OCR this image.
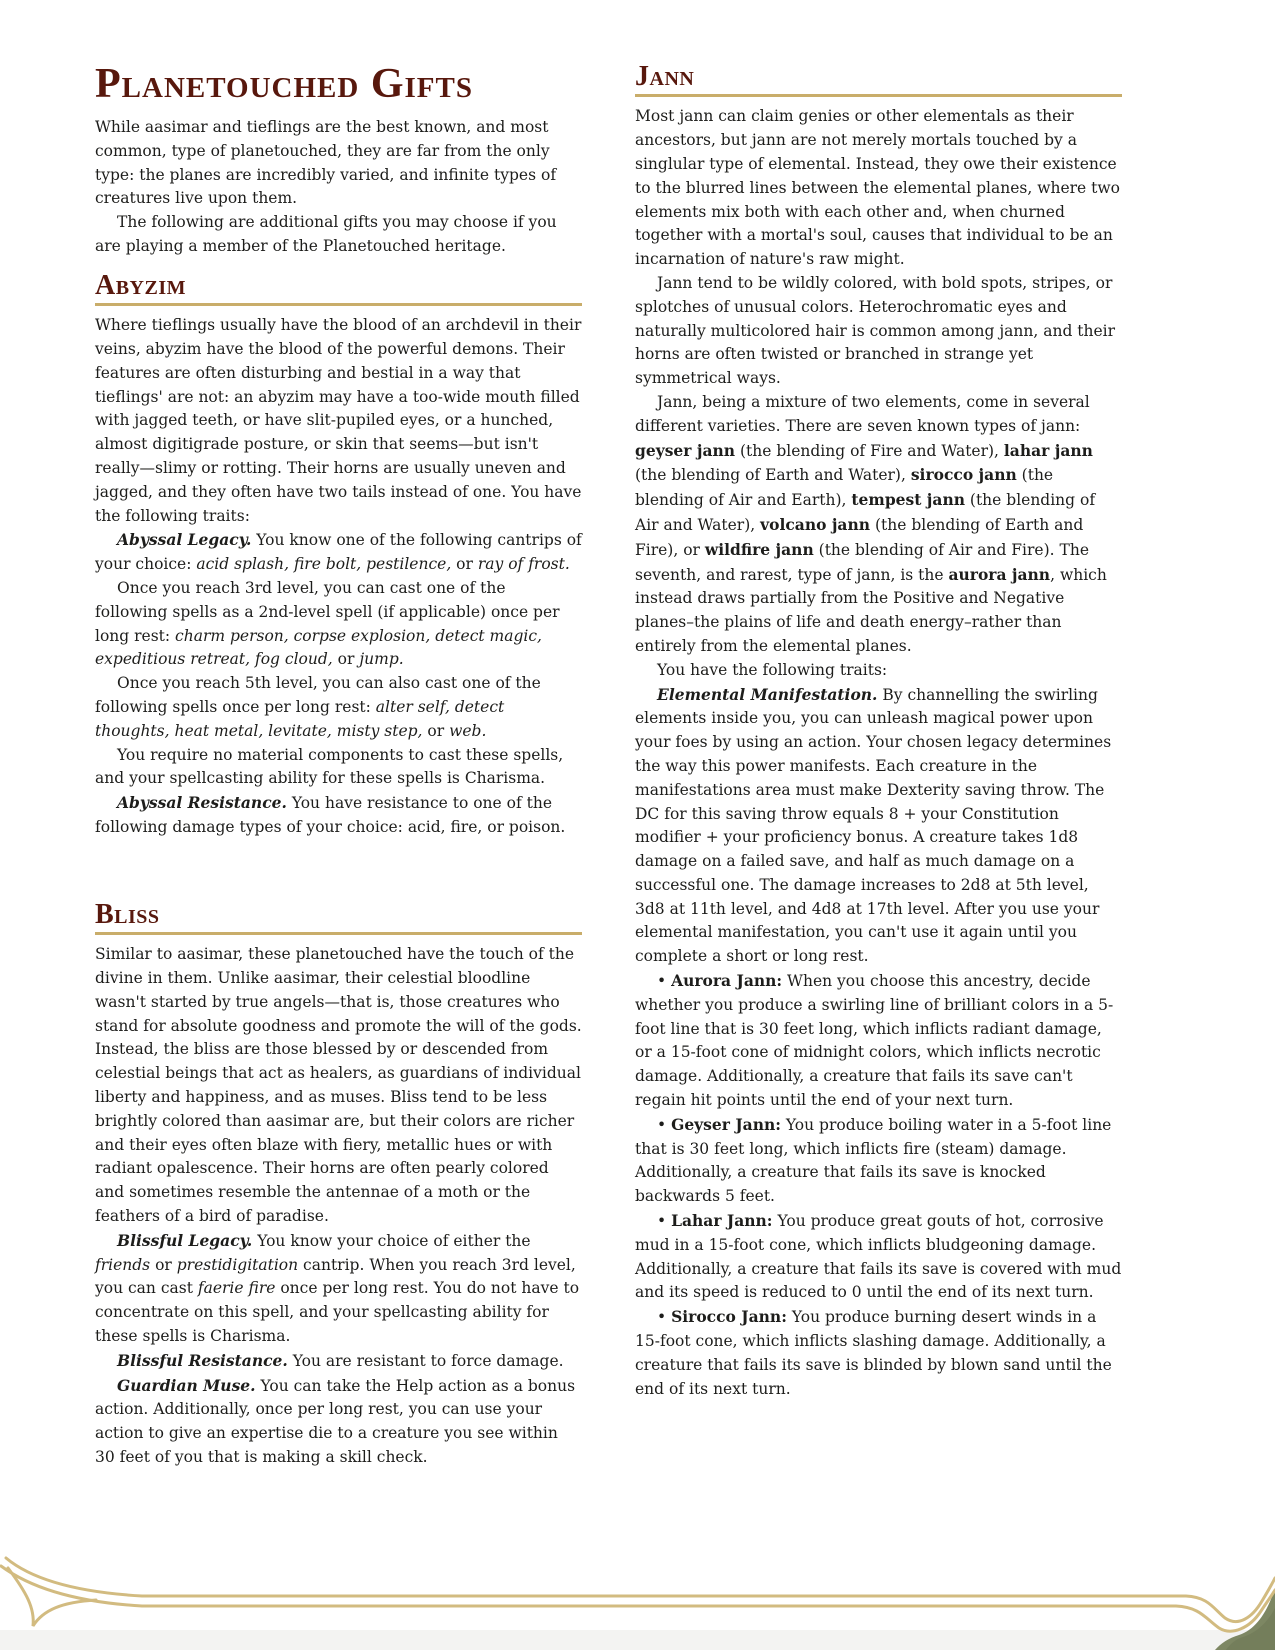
Planetouched Gifts

While aasimar and tieflings are the best known, and most common, type of planetouched, they are far from the only type: the planes are incredibly varied, and infinite types of creatures live upon them.

The following are additional gifts you may choose if you are playing a member of the Planetouched heritage.

Abyzim

Where tieflings usually have the blood of an archdevil in their veins, abyzim have the blood of the powerful demons. Their features are often disturbing and bestial in a way that tieflings' are not: an abyzim may have a too-wide mouth filled with jagged teeth, or have slit-pupiled eyes, or a hunched, almost digitigrade posture, or skin that seems—but isn't really—slimy or rotting. Their horns are usually uneven and jagged, and they often have two tails instead of one. You have the following traits:

Abyssal Legacy. You know one of the following cantrips of your choice: acid splash, fire bolt, pestilence, or ray of frost.

Once you reach 3rd level, you can cast one of the following spells as a 2nd-level spell (if applicable) once per long rest: charm person, corpse explosion, detect magic, expeditious retreat, fog cloud, or jump.

Once you reach 5th level, you can also cast one of the following spells once per long rest: alter self, detect thoughts, heat metal, levitate, misty step, or web.

You require no material components to cast these spells, and your spellcasting ability for these spells is Charisma.

Abyssal Resistance. You have resistance to one of the following damage types of your choice: acid, fire, or poison.

Bliss

Similar to aasimar, these planetouched have the touch of the divine in them. Unlike aasimar, their celestial bloodline wasn't started by true angels—that is, those creatures who stand for absolute goodness and promote the will of the gods. Instead, the bliss are those blessed by or descended from celestial beings that act as healers, as guardians of individual liberty and happiness, and as muses. Bliss tend to be less brightly colored than aasimar are, but their colors are richer and their eyes often blaze with fiery, metallic hues or with radiant opalescence. Their horns are often pearly colored and sometimes resemble the antennae of a moth or the feathers of a bird of paradise.

Blissful Legacy. You know your choice of either the friends or prestidigitation cantrip. When you reach 3rd level, you can cast faerie fire once per long rest. You do not have to concentrate on this spell, and your spellcasting ability for these spells is Charisma.

Blissful Resistance. You are resistant to force damage.

Guardian Muse. You can take the Help action as a bonus action. Additionally, once per long rest, you can use your action to give an expertise die to a creature you see within 30 feet of you that is making a skill check.

Jann

Most jann can claim genies or other elementals as their ancestors, but jann are not merely mortals touched by a singlular type of elemental. Instead, they owe their existence to the blurred lines between the elemental planes, where two elements mix both with each other and, when churned together with a mortal's soul, causes that individual to be an incarnation of nature's raw might.

Jann tend to be wildly colored, with bold spots, stripes, or splotches of unusual colors. Heterochromatic eyes and naturally multicolored hair is common among jann, and their horns are often twisted or branched in strange yet symmetrical ways.

Jann, being a mixture of two elements, come in several different varieties. There are seven known types of jann: geyser jann (the blending of Fire and Water), lahar jann (the blending of Earth and Water), sirocco jann (the blending of Air and Earth), tempest jann (the blending of Air and Water), volcano jann (the blending of Earth and Fire), or wildfire jann (the blending of Air and Fire). The seventh, and rarest, type of jann, is the aurora jann, which instead draws partially from the Positive and Negative planes–the plains of life and death energy–rather than entirely from the elemental planes.

You have the following traits:

Elemental Manifestation. By channelling the swirling elements inside you, you can unleash magical power upon your foes by using an action. Your chosen legacy determines the way this power manifests. Each creature in the manifestations area must make Dexterity saving throw. The DC for this saving throw equals 8 + your Constitution modifier + your proficiency bonus. A creature takes 1d8 damage on a failed save, and half as much damage on a successful one. The damage increases to 2d8 at 5th level, 3d8 at 11th level, and 4d8 at 17th level. After you use your elemental manifestation, you can't use it again until you complete a short or long rest.

• Aurora Jann: When you choose this ancestry, decide whether you produce a swirling line of brilliant colors in a 5-foot line that is 30 feet long, which inflicts radiant damage, or a 15-foot cone of midnight colors, which inflicts necrotic damage. Additionally, a creature that fails its save can't regain hit points until the end of your next turn.

• Geyser Jann: You produce boiling water in a 5-foot line that is 30 feet long, which inflicts fire (steam) damage. Additionally, a creature that fails its save is knocked backwards 5 feet.

• Lahar Jann: You produce great gouts of hot, corrosive mud in a 15-foot cone, which inflicts bludgeoning damage. Additionally, a creature that fails its save is covered with mud and its speed is reduced to 0 until the end of its next turn.

• Sirocco Jann: You produce burning desert winds in a 15-foot cone, which inflicts slashing damage. Additionally, a creature that fails its save is blinded by blown sand until the end of its next turn.
